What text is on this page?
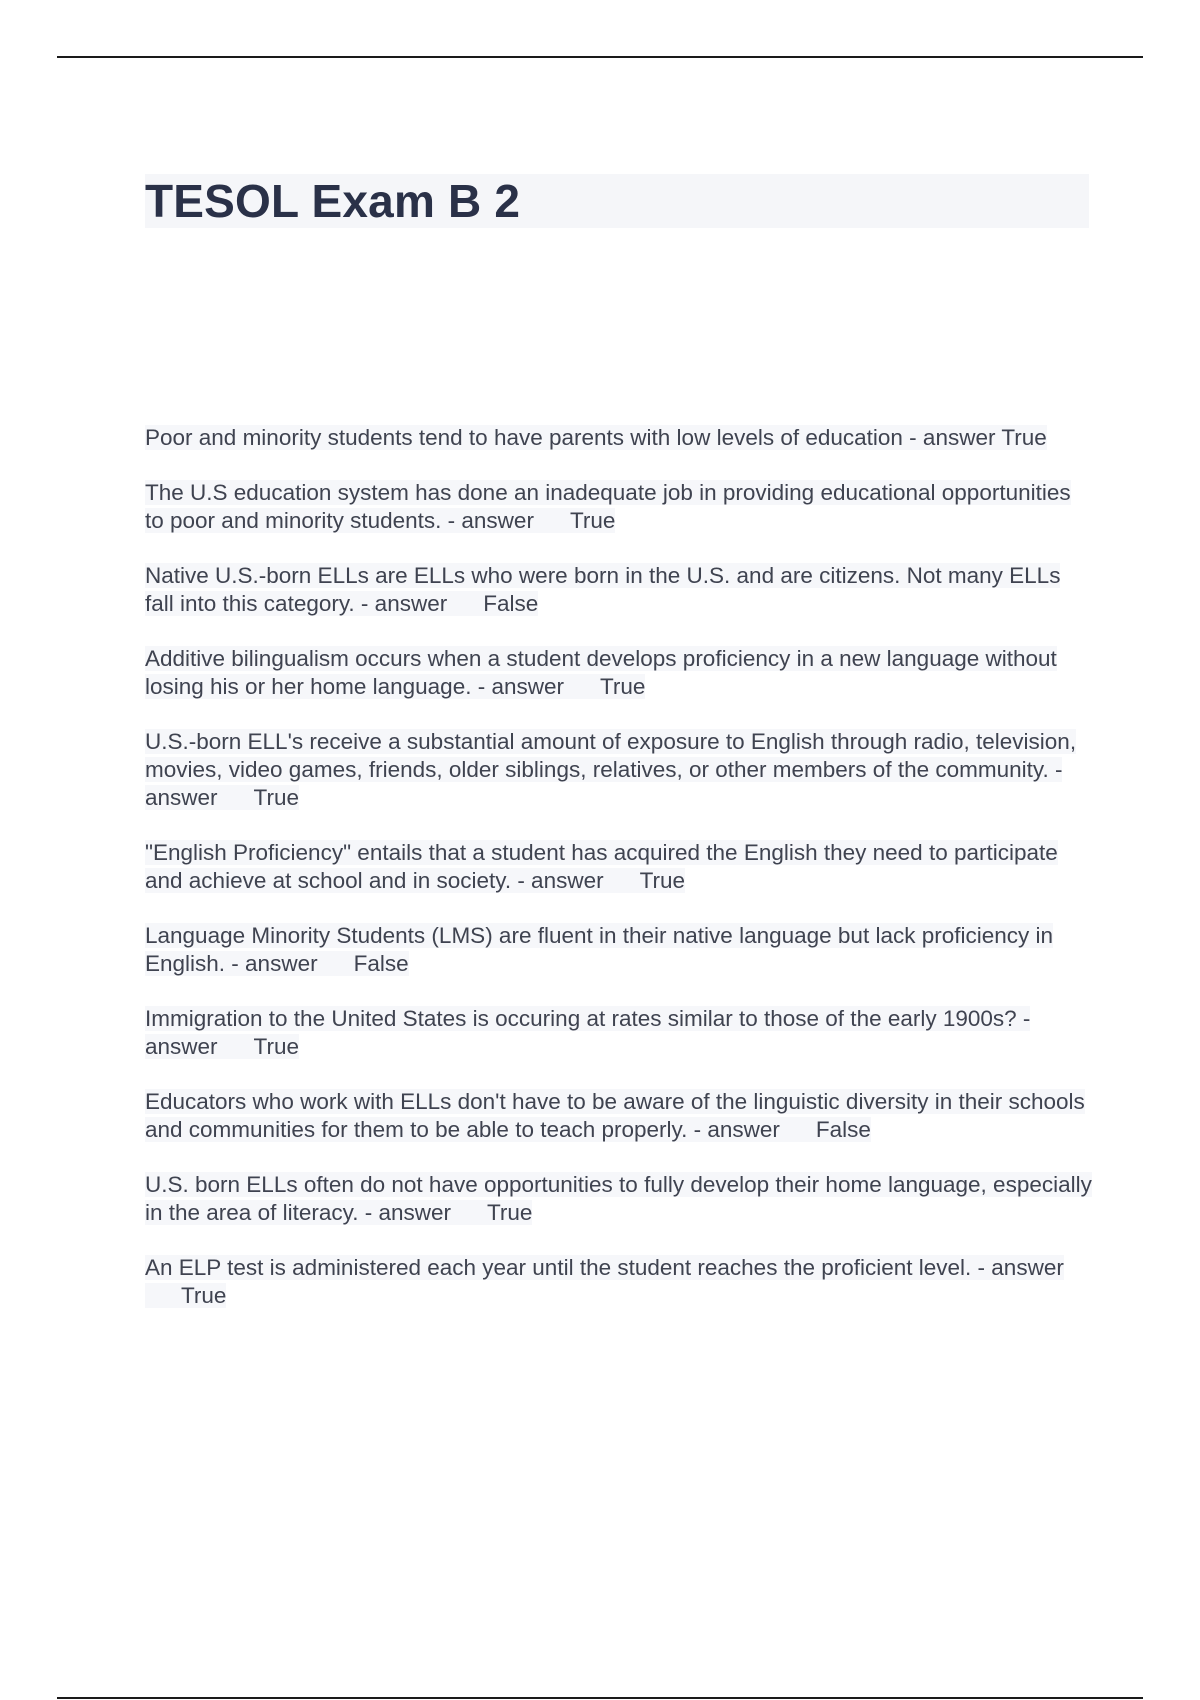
TESOL Exam B 2

Poor and minority students tend to have parents with low levels of education - answer True

The U.S education system has done an inadequate job in providing educational opportunities to poor and minority students. - answer True

Native U.S.-born ELLs are ELLs who were born in the U.S. and are citizens. Not many ELLs fall into this category. - answer False

Additive bilingualism occurs when a student develops proficiency in a new language without losing his or her home language. - answer True

U.S.-born ELL's receive a substantial amount of exposure to English through radio, television, movies, video games, friends, older siblings, relatives, or other members of the community. - answer True

"English Proficiency" entails that a student has acquired the English they need to participate and achieve at school and in society. - answer True

Language Minority Students (LMS) are fluent in their native language but lack proficiency in English. - answer False

Immigration to the United States is occuring at rates similar to those of the early 1900s? - answer True

Educators who work with ELLs don't have to be aware of the linguistic diversity in their schools and communities for them to be able to teach properly. - answer False

U.S. born ELLs often do not have opportunities to fully develop their home language, especially in the area of literacy. - answer True

An ELP test is administered each year until the student reaches the proficient level. - answerTrue
